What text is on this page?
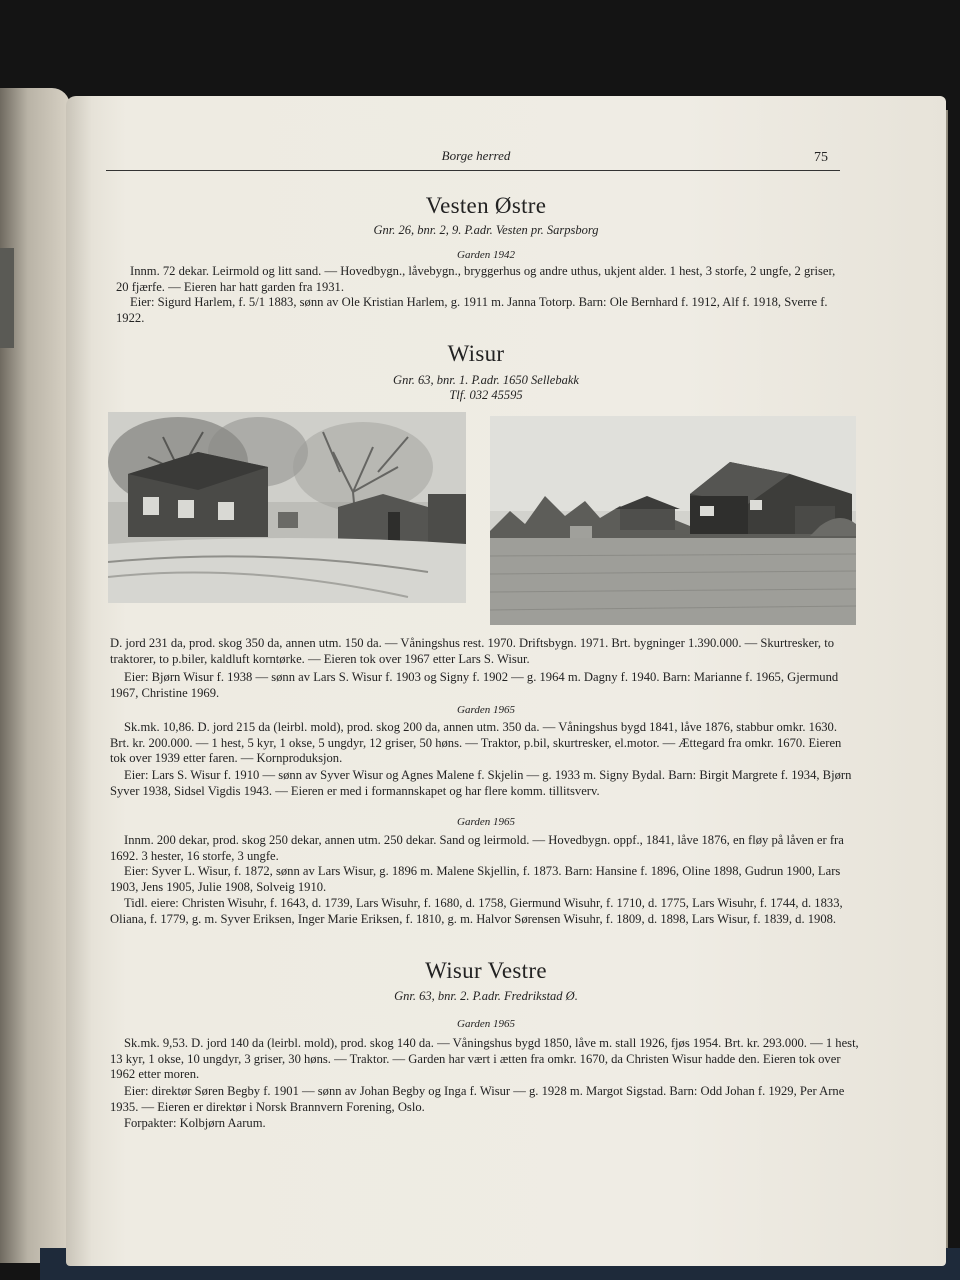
Borge herred	75
Vesten Østre
Gnr. 26, bnr. 2, 9. P.adr. Vesten pr. Sarpsborg
Garden 1942

Innm. 72 dekar. Leirmold og litt sand. — Hovedbygn., låvebygn., bryggerhus og andre uthus, ukjent alder. 1 hest, 3 storfe, 2 ungfe, 2 griser, 20 fjærfe. — Eieren har hatt garden fra 1931.

Eier: Sigurd Harlem, f. 5/1 1883, sønn av Ole Kristian Harlem, g. 1911 m. Janna Totorp. Barn: Ole Bernhard f. 1912, Alf f. 1918, Sverre f. 1922.

Wisur
Gnr. 63, bnr. 1. P.adr. 1650 Sellebakk
Tlf. 032 45595

D. jord 231 da, prod. skog 350 da, annen utm. 150 da. — Våningshus rest. 1970. Driftsbygn. 1971. Brt. bygninger 1.390.000. — Skurtresker, to traktorer, to p.biler, kaldluft korntørke. — Eieren tok over 1967 etter Lars S. Wisur.

Eier: Bjørn Wisur f. 1938 — sønn av Lars S. Wisur f. 1903 og Signy f. 1902 — g. 1964 m. Dagny f. 1940. Barn: Marianne f. 1965, Gjermund 1967, Christine 1969.

Garden 1965

Sk.mk. 10,86. D. jord 215 da (leirbl. mold), prod. skog 200 da, annen utm. 350 da. — Våningshus bygd 1841, låve 1876, stabbur omkr. 1630. Brt. kr. 200.000. — 1 hest, 5 kyr, 1 okse, 5 ungdyr, 12 griser, 50 høns. — Traktor, p.bil, skurtresker, el.motor. — Ættegard fra omkr. 1670. Eieren tok over 1939 etter faren. — Kornproduksjon.

Eier: Lars S. Wisur f. 1910 — sønn av Syver Wisur og Agnes Malene f. Skjelin — g. 1933 m. Signy Bydal. Barn: Birgit Margrete f. 1934, Bjørn Syver 1938, Sidsel Vigdis 1943. — Eieren er med i formannskapet og har flere komm. tillitsverv.

Garden 1965

Innm. 200 dekar, prod. skog 250 dekar, annen utm. 250 dekar. Sand og leirmold. — Hovedbygn. oppf., 1841, låve 1876, en fløy på låven er fra 1692. 3 hester, 16 storfe, 3 ungfe.

Eier: Syver L. Wisur, f. 1872, sønn av Lars Wisur, g. 1896 m. Malene Skjellin, f. 1873. Barn: Hansine f. 1896, Oline 1898, Gudrun 1900, Lars 1903, Jens 1905, Julie 1908, Solveig 1910.

Tidl. eiere: Christen Wisuhr, f. 1643, d. 1739, Lars Wisuhr, f. 1680, d. 1758, Giermund Wisuhr, f. 1710, d. 1775, Lars Wisuhr, f. 1744, d. 1833, Oliana, f. 1779, g. m. Syver Eriksen, Inger Marie Eriksen, f. 1810, g. m. Halvor Sørensen Wisuhr, f. 1809, d. 1898, Lars Wisur, f. 1839, d. 1908.

Wisur Vestre
Gnr. 63, bnr. 2. P.adr. Fredrikstad Ø.
Garden 1965

Sk.mk. 9,53. D. jord 140 da (leirbl. mold), prod. skog 140 da. — Våningshus bygd 1850, låve m. stall 1926, fjøs 1954. Brt. kr. 293.000. — 1 hest, 13 kyr, 1 okse, 10 ungdyr, 3 griser, 30 høns. — Traktor. — Garden har vært i ætten fra omkr. 1670, da Christen Wisur hadde den. Eieren tok over 1962 etter moren.

Eier: direktør Søren Begby f. 1901 — sønn av Johan Begby og Inga f. Wisur — g. 1928 m. Margot Sigstad. Barn: Odd Johan f. 1929, Per Arne 1935. — Eieren er direktør i Norsk Brannvern Forening, Oslo.

Forpakter: Kolbjørn Aarum.
